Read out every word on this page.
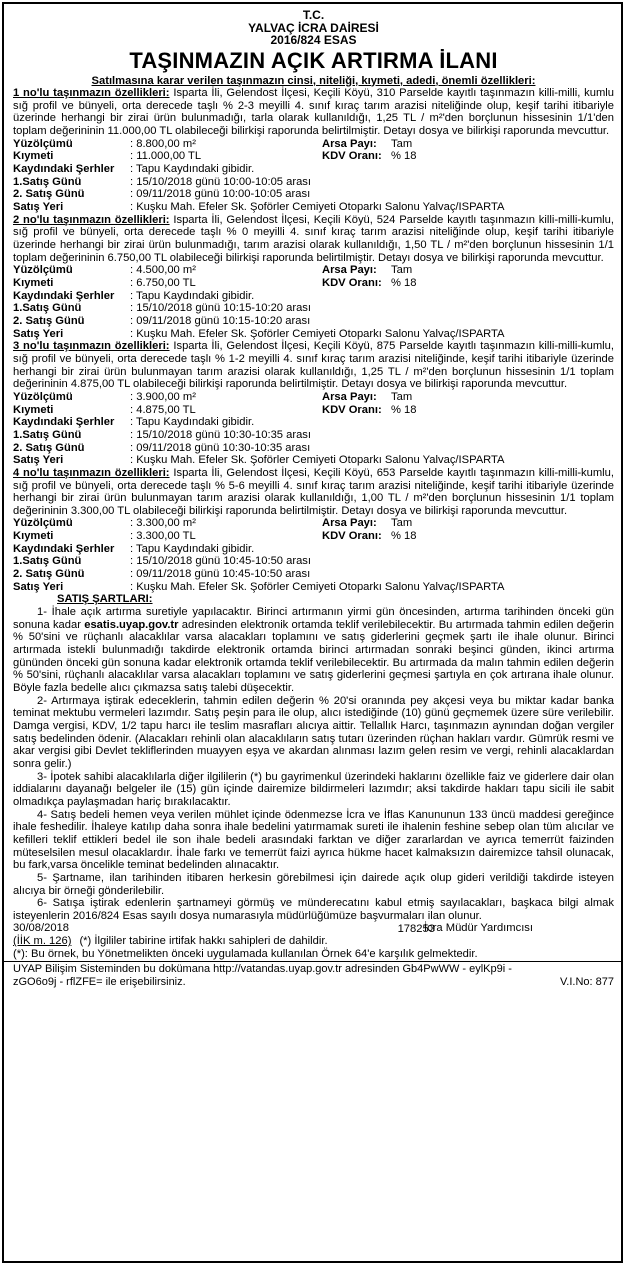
T.C.
YALVAÇ İCRA DAİRESİ
2016/824 ESAS
TAŞINMAZIN AÇIK ARTIRMA İLANI
Satılmasına karar verilen taşınmazın cinsi, niteliği, kıymeti, adedi, önemli özellikleri:
1 no'lu taşınmazın özellikleri: Isparta İli, Gelendost İlçesi, Keçili Köyü, 310 Parselde kayıtlı taşınmazın killi-milli, kumlu sığ profil ve bünyeli, orta derecede taşlı % 2-3 meyilli 4. sınıf kıraç tarım arazisi niteliğinde olup, keşif tarihi itibariyle üzerinde herhangi bir zirai ürün bulunmadığı, tarla olarak kullanıldığı, 1,25 TL / m²'den borçlunun hissesinin 1/1'den toplam değerininin 11.000,00 TL olabileceği bilirkişi raporunda belirtilmiştir. Detayı dosya ve bilirkişi raporunda mevcuttur.
Yüzölçümü	: 8.800,00 m²	Arsa Payı:	Tam
Kıymeti	: 11.000,00 TL	KDV Oranı: % 18
Kaydındaki Şerhler	: Tapu Kaydındaki gibidir.
1.Satış Günü	: 15/10/2018 günü 10:00-10:05 arası
2. Satış Günü	: 09/11/2018 günü 10:00-10:05 arası
Satış Yeri	: Kuşku Mah. Efeler Sk. Şoförler Cemiyeti Otoparkı Salonu Yalvaç/ISPARTA
2 no'lu taşınmazın özellikleri: Isparta İli, Gelendost İlçesi, Keçili Köyü, 524 Parselde kayıtlı taşınmazın killi-milli-kumlu, sığ profil ve bünyeli, orta derecede taşlı % 0 meyilli 4. sınıf kıraç tarım arazisi niteliğinde olup, keşif tarihi itibariyle üzerinde herhangi bir zirai ürün bulunmadığı, tarım arazisi olarak kullanıldığı, 1,50 TL / m²'den borçlunun hissesinin 1/1 toplam değerininin 6.750,00 TL olabileceği bilirkişi raporunda belirtilmiştir. Detayı dosya ve bilirkişi raporunda mevcuttur.
Yüzölçümü	: 4.500,00 m²	Arsa Payı:	Tam
Kıymeti	: 6.750,00 TL	KDV Oranı: % 18
Kaydındaki Şerhler	: Tapu Kaydındaki gibidir.
1.Satış Günü	: 15/10/2018 günü 10:15-10:20 arası
2. Satış Günü	: 09/11/2018 günü 10:15-10:20 arası
Satış Yeri	: Kuşku Mah. Efeler Sk. Şoförler Cemiyeti Otoparkı Salonu Yalvaç/ISPARTA
3 no'lu taşınmazın özellikleri: Isparta İli, Gelendost İlçesi, Keçili Köyü, 875 Parselde kayıtlı taşınmazın killi-milli-kumlu, sığ profil ve bünyeli, orta derecede taşlı % 1-2 meyilli 4. sınıf kıraç tarım arazisi niteliğinde, keşif tarihi itibariyle üzerinde herhangi bir zirai ürün bulunmayan tarım arazisi olarak kullanıldığı, 1,25 TL / m²'den borçlunun hissesinin 1/1 toplam değerininin 4.875,00 TL olabileceği bilirkişi raporunda belirtilmiştir. Detayı dosya ve bilirkişi raporunda mevcuttur.
Yüzölçümü	: 3.900,00 m²	Arsa Payı:	Tam
Kıymeti	: 4.875,00 TL	KDV Oranı: % 18
Kaydındaki Şerhler	: Tapu Kaydındaki gibidir.
1.Satış Günü	: 15/10/2018 günü 10:30-10:35 arası
2. Satış Günü	: 09/11/2018 günü 10:30-10:35 arası
Satış Yeri	: Kuşku Mah. Efeler Sk. Şoförler Cemiyeti Otoparkı Salonu Yalvaç/ISPARTA
4 no'lu taşınmazın özellikleri: Isparta İli, Gelendost İlçesi, Keçili Köyü, 653 Parselde kayıtlı taşınmazın killi-milli-kumlu, sığ profil ve bünyeli, orta derecede taşlı % 5-6 meyilli 4. sınıf kıraç tarım arazisi niteliğinde, keşif tarihi itibariyle üzerinde herhangi bir zirai ürün bulunmayan tarım arazisi olarak kullanıldığı, 1,00 TL / m²'den borçlunun hissesinin 1/1 toplam değerininin 3.300,00 TL olabileceği bilirkişi raporunda belirtilmiştir. Detayı dosya ve bilirkişi raporunda mevcuttur.
Yüzölçümü	: 3.300,00 m²	Arsa Payı:	Tam
Kıymeti	: 3.300,00 TL	KDV Oranı: % 18
Kaydındaki Şerhler	: Tapu Kaydındaki gibidir.
1.Satış Günü	: 15/10/2018 günü 10:45-10:50 arası
2. Satış Günü	: 09/11/2018 günü 10:45-10:50 arası
Satış Yeri	: Kuşku Mah. Efeler Sk. Şoförler Cemiyeti Otoparkı Salonu Yalvaç/ISPARTA
SATIŞ ŞARTLARI:
1- İhale açık artırma suretiyle yapılacaktır. Birinci artırmanın yirmi gün öncesinden, artırma tarihinden önceki gün sonuna kadar esatis.uyap.gov.tr adresinden elektronik ortamda teklif verilebilecektir. Bu artırmada tahmin edilen değerin % 50'sini ve rüçhanlı alacaklılar varsa alacakları toplamını ve satış giderlerini geçmek şartı ile ihale olunur. Birinci artırmada istekli bulunmadığı takdirde elektronik ortamda birinci artırmadan sonraki beşinci günden, ikinci artırma gününden önceki gün sonuna kadar elektronik ortamda teklif verilebilecektir. Bu artırmada da malın tahmin edilen değerin % 50'sini, rüçhanlı alacaklılar varsa alacakları toplamını ve satış giderlerini geçmesi şartıyla en çok artırana ihale olunur. Böyle fazla bedelle alıcı çıkmazsa satış talebi düşecektir.
2- Artırmaya iştirak edeceklerin, tahmin edilen değerin % 20'si oranında pey akçesi veya bu miktar kadar banka teminat mektubu vermeleri lazımdır. Satış peşin para ile olup, alıcı istediğinde (10) günü geçmemek üzere süre verilebilir. Damga vergisi, KDV, 1/2 tapu harcı ile teslim masrafları alıcıya aittir. Tellallık Harcı, taşınmazın aynından doğan vergiler satış bedelinden ödenir. (Alacakları rehinli olan alacaklıların satış tutarı üzerinden rüçhan hakları vardır. Gümrük resmi ve akar vergisi gibi Devlet tekliflerinden muayyen eşya ve akardan alınması lazım gelen resim ve vergi, rehinli alacaklardan sonra gelir.)
3- İpotek sahibi alacaklılarla diğer ilgililerin (*) bu gayrimenkul üzerindeki haklarını özellikle faiz ve giderlere dair olan iddialarını dayanağı belgeler ile (15) gün içinde dairemize bildirmeleri lazımdır; aksi takdirde hakları tapu sicili ile sabit olmadıkça paylaşmadan hariç bırakılacaktır.
4- Satış bedeli hemen veya verilen mühlet içinde ödenmezse İcra ve İflas Kanununun 133 üncü maddesi gereğince ihale feshedilir. İhaleye katılıp daha sonra ihale bedelini yatırmamak sureti ile ihalenin feshine sebep olan tüm alıcılar ve kefilleri teklif ettikleri bedel ile son ihale bedeli arasındaki farktan ve diğer zararlardan ve ayrıca temerrüt faizinden müteselsilen mesul olacaklardır. İhale farkı ve temerrüt faizi ayrıca hükme hacet kalmaksızın dairemizce tahsil olunacak, bu fark,varsa öncelikle teminat bedelinden alınacaktır.
5- Şartname, ilan tarihinden itibaren herkesin görebilmesi için dairede açık olup gideri verildiği takdirde isteyen alıcıya bir örneği gönderilebilir.
6- Satışa iştirak edenlerin şartnameyi görmüş ve münderecatını kabul etmiş sayılacakları, başkaca bilgi almak isteyenlerin 2016/824 Esas sayılı dosya numarasıyla müdürlüğümüze başvurmaları ilan olunur.
30/08/2018	İcra Müdür Yardımcısı
(İİK m. 126) (*) İlgililer tabirine irtifak hakkı sahipleri de dahildir.
178253
(*): Bu örnek, bu Yönetmelikten önceki uygulamada kullanılan Örnek 64'e karşılık gelmektedir.
UYAP Bilişim Sisteminden bu dokümana http://vatandas.uyap.gov.tr adresinden Gb4PwWW - eylKp9i -
zGO6o9j - rflZFE= ile erişebilirsiniz.	V.I.No: 877
